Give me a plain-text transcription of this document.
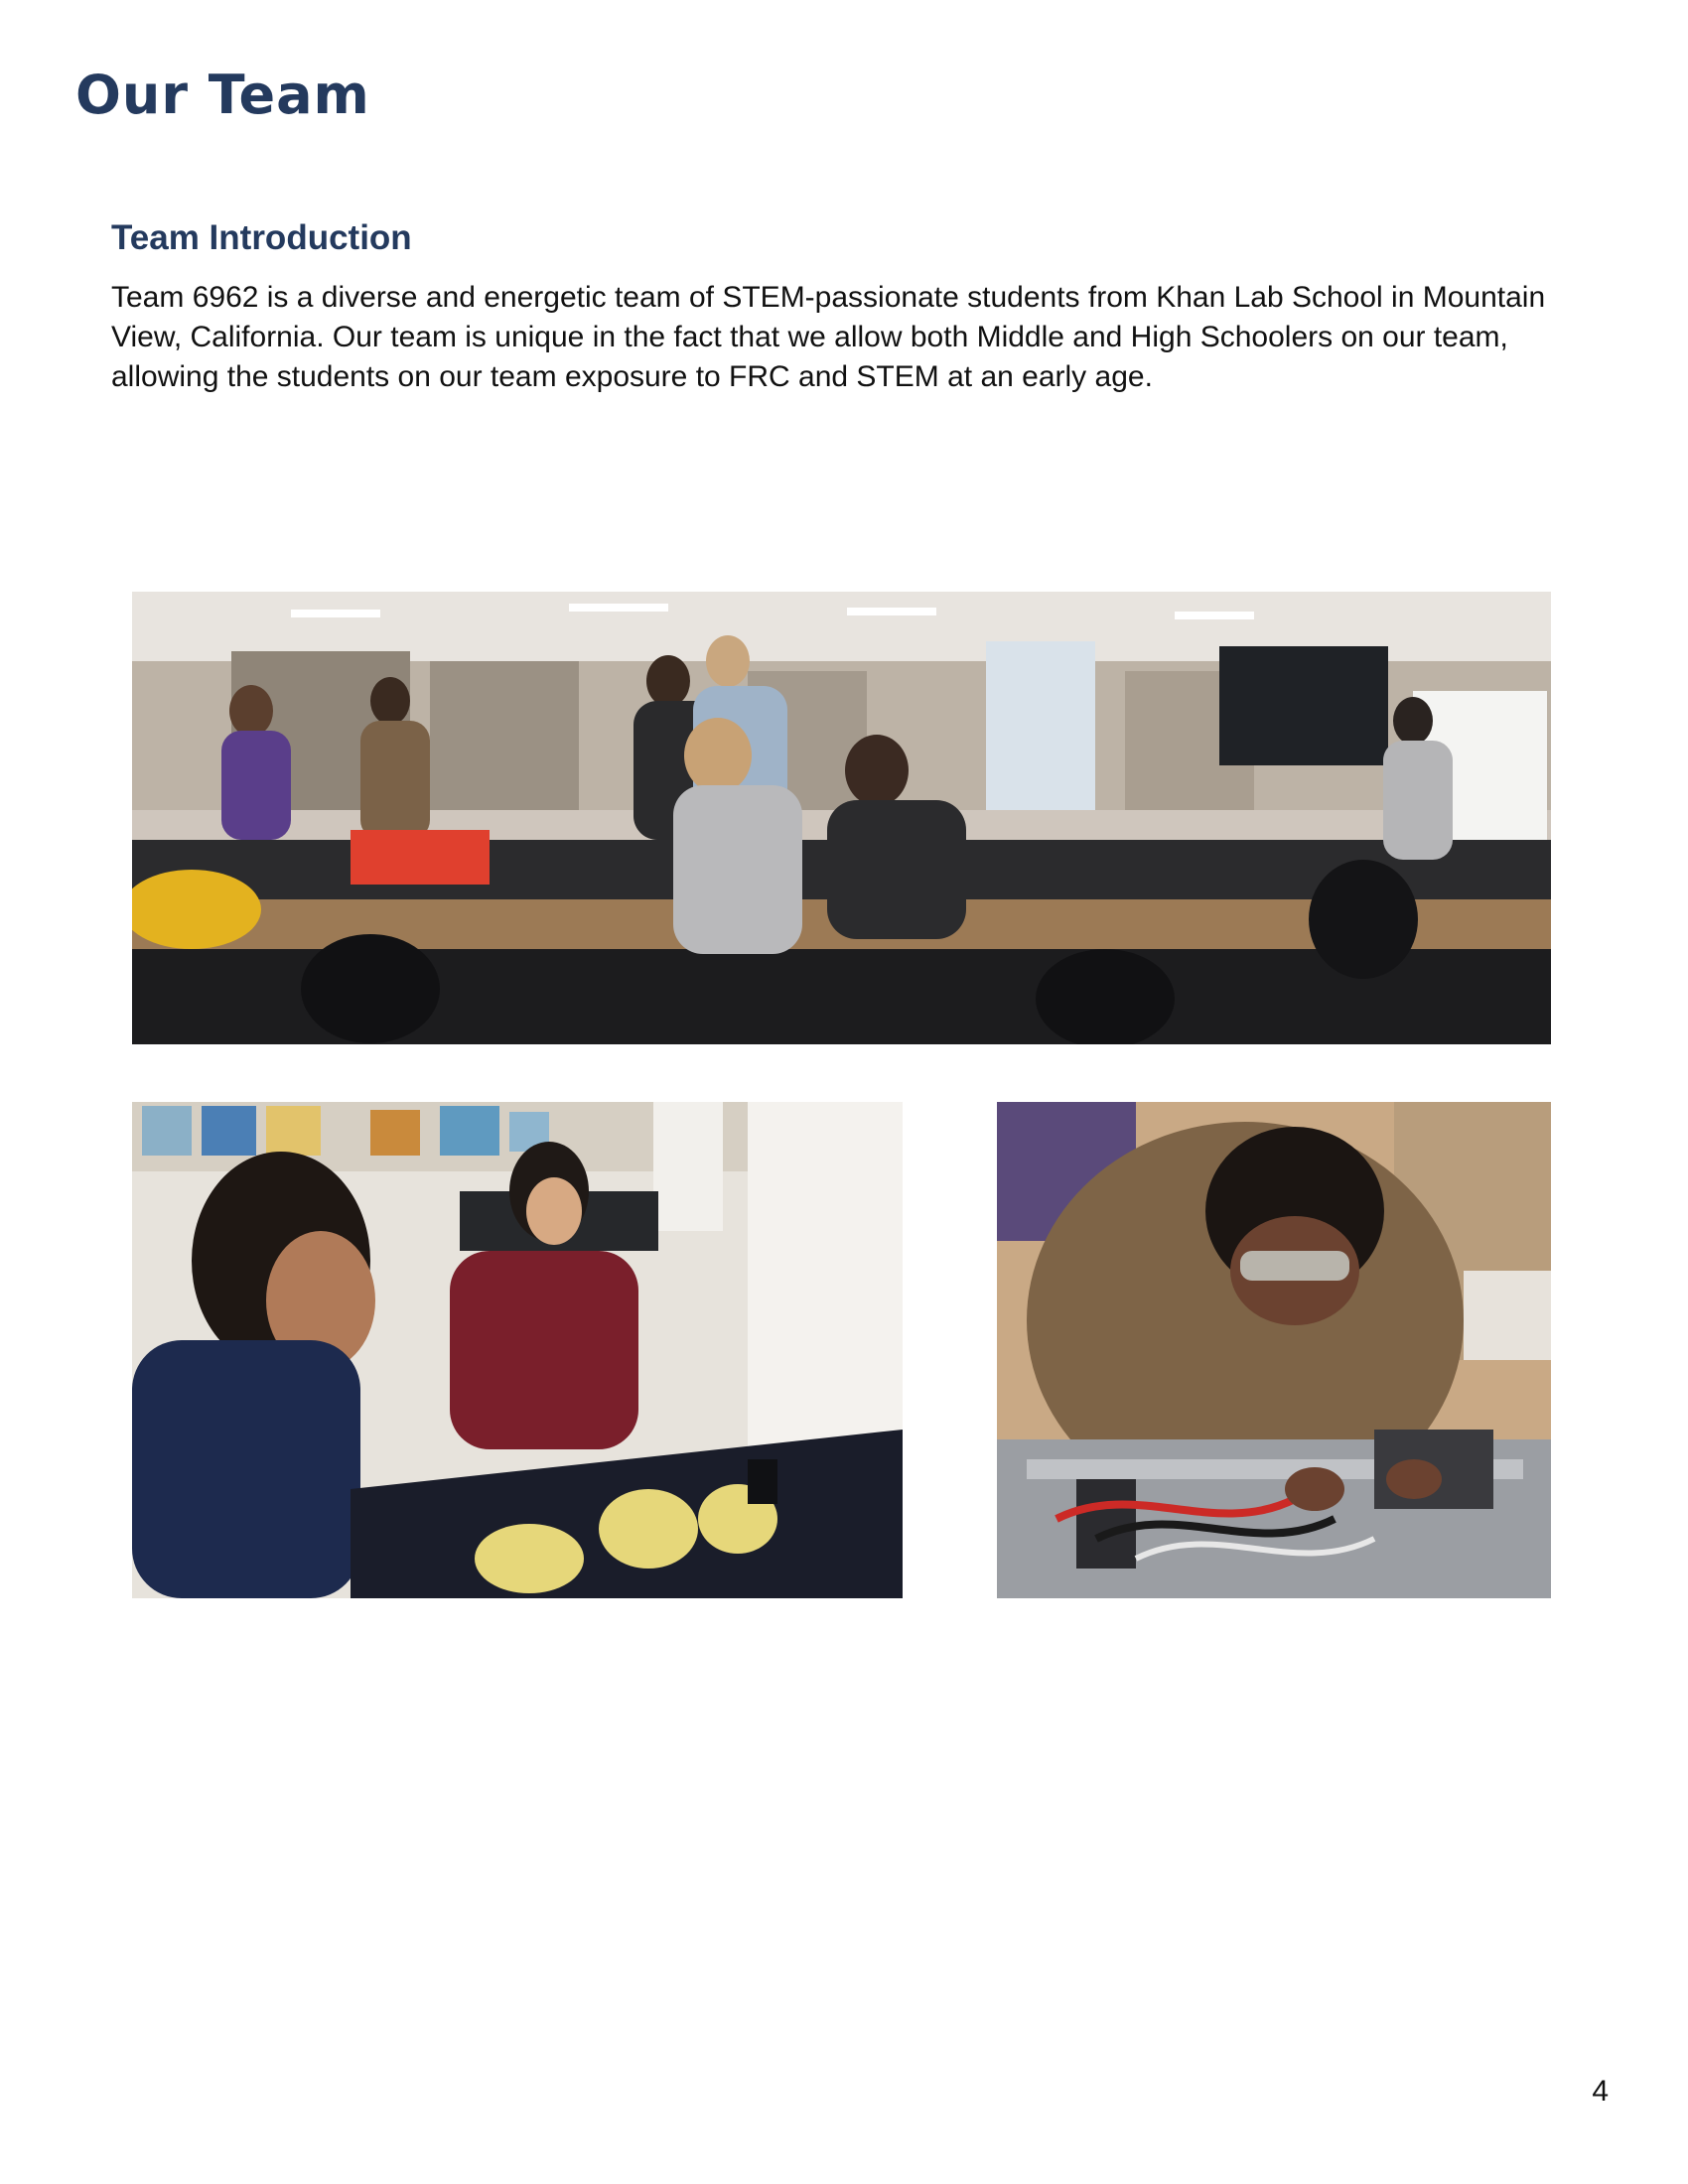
Our Team
Team Introduction

Team 6962 is a diverse and energetic team of STEM-passionate students from Khan Lab School in Mountain View, California. Our team is unique in the fact that we allow both Middle and High Schoolers on our team, allowing the students on our team exposure to FRC and STEM at an early age.

4
